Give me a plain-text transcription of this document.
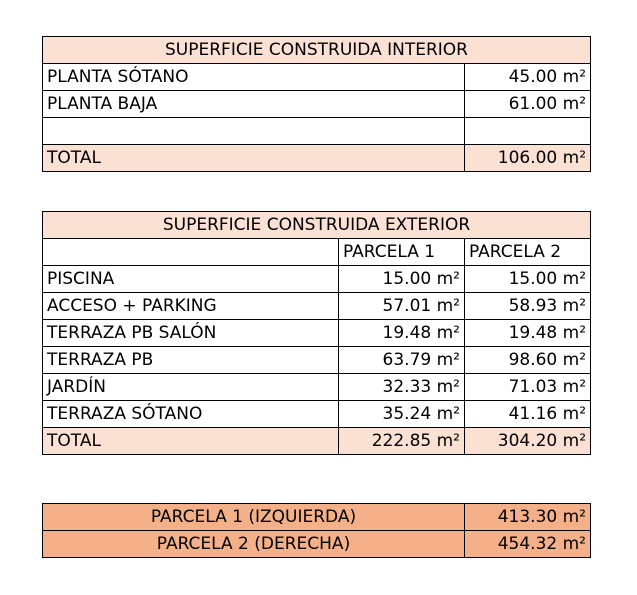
SUPERFICIE CONSTRUIDA INTERIOR	
PLANTA SÓTANO	45.00 m²
PLANTA BAJA	61.00 m²

TOTAL	106.00 m²
SUPERFICIE CONSTRUIDA EXTERIOR		
	PARCELA 1	PARCELA 2
PISCINA	15.00 m²	15.00 m²
ACCESO + PARKING	57.01 m²	58.93 m²
TERRAZA PB SALÓN	19.48 m²	19.48 m²
TERRAZA PB	63.79 m²	98.60 m²
JARDÍN	32.33 m²	71.03 m²
TERRAZA SÓTANO	35.24 m²	41.16 m²
TOTAL	222.85 m²	304.20 m²
PARCELA 1 (IZQUIERDA)	413.30 m²
PARCELA 2 (DERECHA)	454.32 m²
